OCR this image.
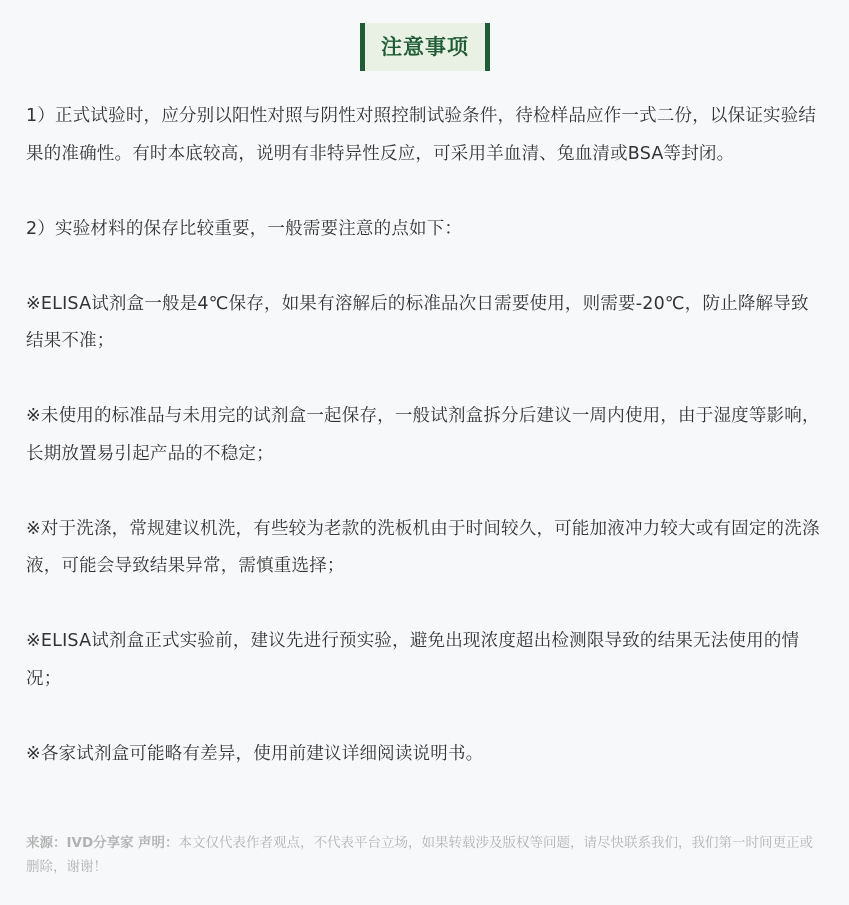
注意事项

1）正式试验时，应分别以阳性对照与阴性对照控制试验条件，待检样品应作一式二份，以保证实验结果的准确性。有时本底较高，说明有非特异性反应，可采用羊血清、兔血清或BSA等封闭。

2）实验材料的保存比较重要，一般需要注意的点如下：

※ELISA试剂盒一般是4℃保存，如果有溶解后的标准品次日需要使用，则需要-20℃，防止降解导致结果不准；

※未使用的标准品与未用完的试剂盒一起保存，一般试剂盒拆分后建议一周内使用，由于湿度等影响，长期放置易引起产品的不稳定；

※对于洗涤，常规建议机洗，有些较为老款的洗板机由于时间较久，可能加液冲力较大或有固定的洗涤液，可能会导致结果异常，需慎重选择；

※ELISA试剂盒正式实验前，建议先进行预实验，避免出现浓度超出检测限导致的结果无法使用的情况；

※各家试剂盒可能略有差异，使用前建议详细阅读说明书。

来源：IVD分享家 声明：本文仅代表作者观点，不代表平台立场，如果转载涉及版权等问题，请尽快联系我们，我们第一时间更正或删除，谢谢！
